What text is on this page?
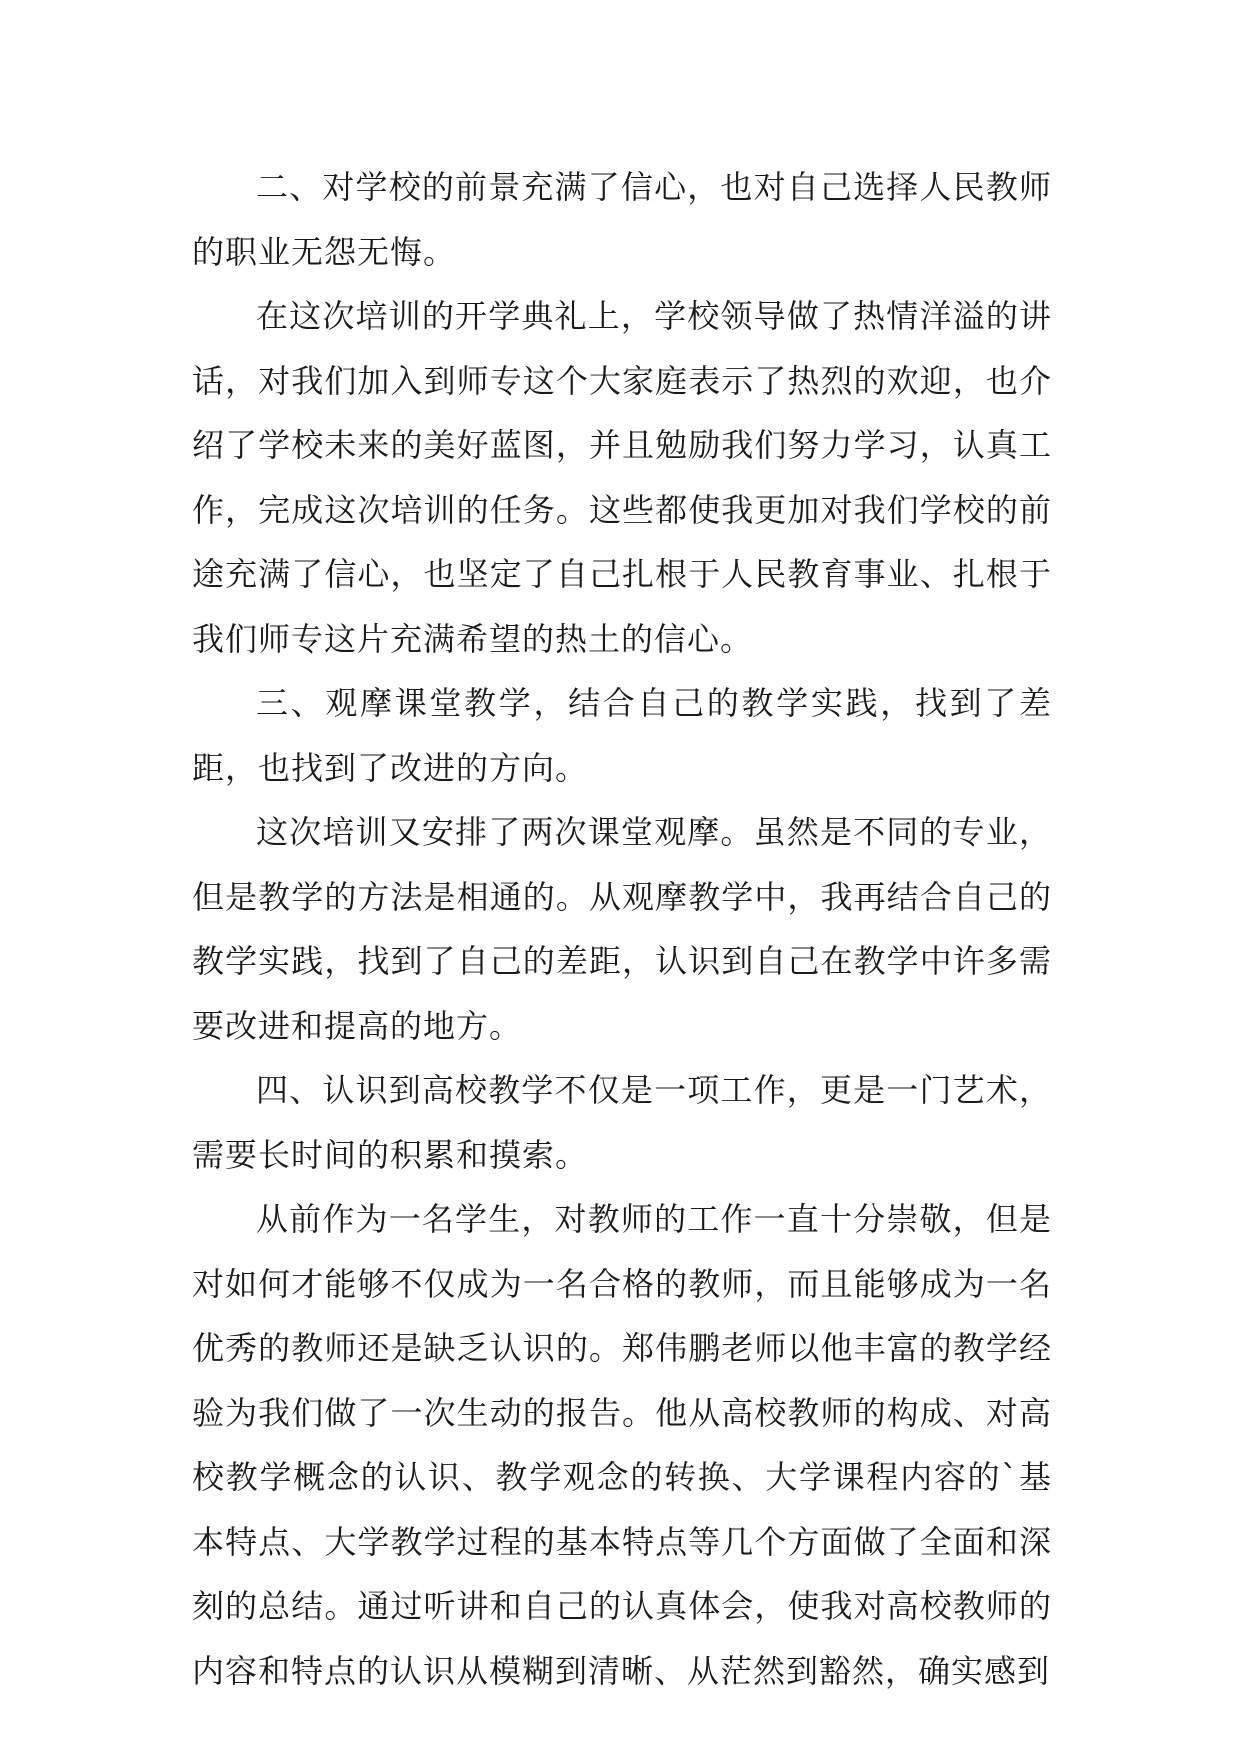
二、对学校的前景充满了信心，也对自己选择人民教师的职业无怨无悔。

在这次培训的开学典礼上，学校领导做了热情洋溢的讲话，对我们加入到师专这个大家庭表示了热烈的欢迎，也介绍了学校未来的美好蓝图，并且勉励我们努力学习，认真工作，完成这次培训的任务。这些都使我更加对我们学校的前途充满了信心，也坚定了自己扎根于人民教育事业、扎根于我们师专这片充满希望的热土的信心。

三、观摩课堂教学，结合自己的教学实践，找到了差距，也找到了改进的方向。

这次培训又安排了两次课堂观摩。虽然是不同的专业，但是教学的方法是相通的。从观摩教学中，我再结合自己的教学实践，找到了自己的差距，认识到自己在教学中许多需要改进和提高的地方。

四、认识到高校教学不仅是一项工作，更是一门艺术，需要长时间的积累和摸索。

从前作为一名学生，对教师的工作一直十分崇敬，但是对如何才能够不仅成为一名合格的教师，而且能够成为一名优秀的教师还是缺乏认识的。郑伟鹏老师以他丰富的教学经验为我们做了一次生动的报告。他从高校教师的构成、对高校教学概念的认识、教学观念的转换、大学课程内容的`基本特点、大学教学过程的基本特点等几个方面做了全面和深刻的总结。通过听讲和自己的认真体会，使我对高校教师的内容和特点的认识从模糊到清晰、从茫然到豁然，确实感到
